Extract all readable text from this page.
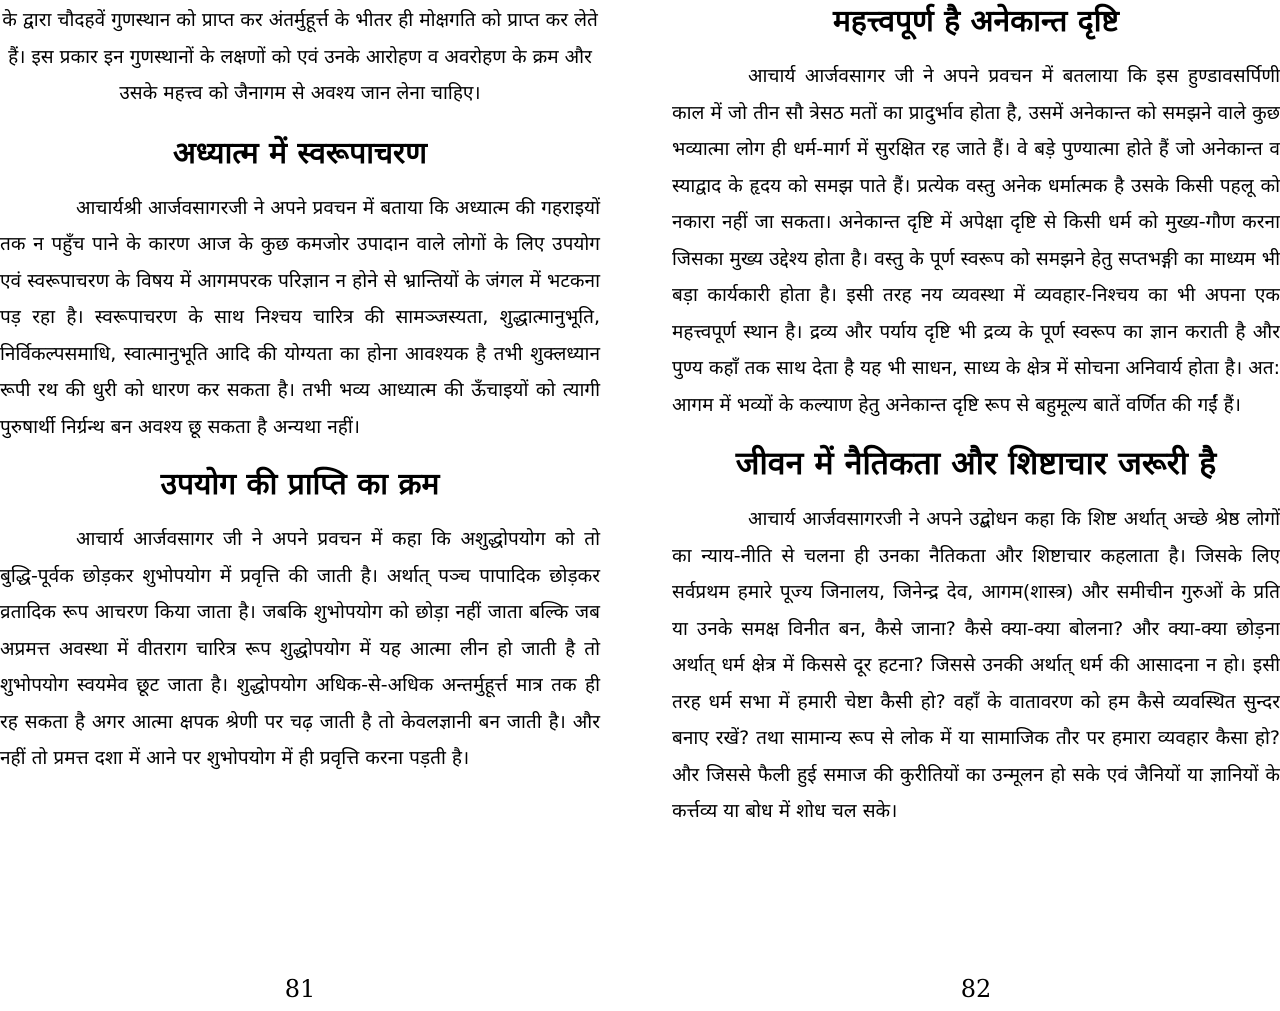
के द्वारा चौदहवें गुणस्थान को प्राप्त कर अंतर्मुहूर्त्त के भीतर ही मोक्षगति को प्राप्त कर लेते हैं। इस प्रकार इन गुणस्थानों के लक्षणों को एवं उनके आरोहण व अवरोहण के क्रम और उसके महत्त्व को जैनागम से अवश्य जान लेना चाहिए।

अध्यात्म में स्वरूपाचरण

आचार्यश्री आर्जवसागरजी ने अपने प्रवचन में बताया कि अध्यात्म की गहराइयों तक न पहुँच पाने के कारण आज के कुछ कमजोर उपादान वाले लोगों के लिए उपयोग एवं स्वरूपाचरण के विषय में आगमपरक परिज्ञान न होने से भ्रान्तियों के जंगल में भटकना पड़ रहा है। स्वरूपाचरण के साथ निश्चय चारित्र की सामञ्जस्यता, शुद्धात्मानुभूति, निर्विकल्पसमाधि, स्वात्मानुभूति आदि की योग्यता का होना आवश्यक है तभी शुक्लध्यान रूपी रथ की धुरी को धारण कर सकता है। तभी भव्य आध्यात्म की ऊँचाइयों को त्यागी पुरुषार्थी निर्ग्रन्थ बन अवश्य छू सकता है अन्यथा नहीं।

उपयोग की प्राप्ति का क्रम

आचार्य आर्जवसागर जी ने अपने प्रवचन में कहा कि अशुद्धोपयोग को तो बुद्धि-पूर्वक छोड़कर शुभोपयोग में प्रवृत्ति की जाती है। अर्थात् पञ्च पापादिक छोड़कर व्रतादिक रूप आचरण किया जाता है। जबकि शुभोपयोग को छोड़ा नहीं जाता बल्कि जब अप्रमत्त अवस्था में वीतराग चारित्र रूप शुद्धोपयोग में यह आत्मा लीन हो जाती है तो शुभोपयोग स्वयमेव छूट जाता है। शुद्धोपयोग अधिक-से-अधिक अन्तर्मुहूर्त्त मात्र तक ही रह सकता है अगर आत्मा क्षपक श्रेणी पर चढ़ जाती है तो केवलज्ञानी बन जाती है। और नहीं तो प्रमत्त दशा में आने पर शुभोपयोग में ही प्रवृत्ति करना पड़ती है।

81
महत्त्वपूर्ण है अनेकान्त दृष्टि

आचार्य आर्जवसागर जी ने अपने प्रवचन में बतलाया कि इस हुण्डावसर्पिणी काल में जो तीन सौ त्रेसठ मतों का प्रादुर्भाव होता है, उसमें अनेकान्त को समझने वाले कुछ भव्यात्मा लोग ही धर्म-मार्ग में सुरक्षित रह जाते हैं। वे बड़े पुण्यात्मा होते हैं जो अनेकान्त व स्याद्वाद के हृदय को समझ पाते हैं। प्रत्येक वस्तु अनेक धर्मात्मक है उसके किसी पहलू को नकारा नहीं जा सकता। अनेकान्त दृष्टि में अपेक्षा दृष्टि से किसी धर्म को मुख्य-गौण करना जिसका मुख्य उद्देश्य होता है। वस्तु के पूर्ण स्वरूप को समझने हेतु सप्तभङ्गी का माध्यम भी बड़ा कार्यकारी होता है। इसी तरह नय व्यवस्था में व्यवहार-निश्चय का भी अपना एक महत्त्वपूर्ण स्थान है। द्रव्य और पर्याय दृष्टि भी द्रव्य के पूर्ण स्वरूप का ज्ञान कराती है और पुण्य कहाँ तक साथ देता है यह भी साधन, साध्य के क्षेत्र में सोचना अनिवार्य होता है। अत: आगम में भव्यों के कल्याण हेतु अनेकान्त दृष्टि रूप से बहुमूल्य बातें वर्णित की गईं हैं।

जीवन में नैतिकता और शिष्टाचार जरूरी है

आचार्य आर्जवसागरजी ने अपने उद्बोधन कहा कि शिष्ट अर्थात् अच्छे श्रेष्ठ लोगों का न्याय-नीति से चलना ही उनका नैतिकता और शिष्टाचार कहलाता है। जिसके लिए सर्वप्रथम हमारे पूज्य जिनालय, जिनेन्द्र देव, आगम(शास्त्र) और समीचीन गुरुओं के प्रति या उनके समक्ष विनीत बन, कैसे जाना? कैसे क्या-क्या बोलना? और क्या-क्या छोड़ना अर्थात् धर्म क्षेत्र में किससे दूर हटना? जिससे उनकी अर्थात् धर्म की आसादना न हो। इसी तरह धर्म सभा में हमारी चेष्टा कैसी हो? वहाँ के वातावरण को हम कैसे व्यवस्थित सुन्दर बनाए रखें? तथा सामान्य रूप से लोक में या सामाजिक तौर पर हमारा व्यवहार कैसा हो? और जिससे फैली हुई समाज की कुरीतियों का उन्मूलन हो सके एवं जैनियों या ज्ञानियों के कर्त्तव्य या बोध में शोध चल सके।

82
